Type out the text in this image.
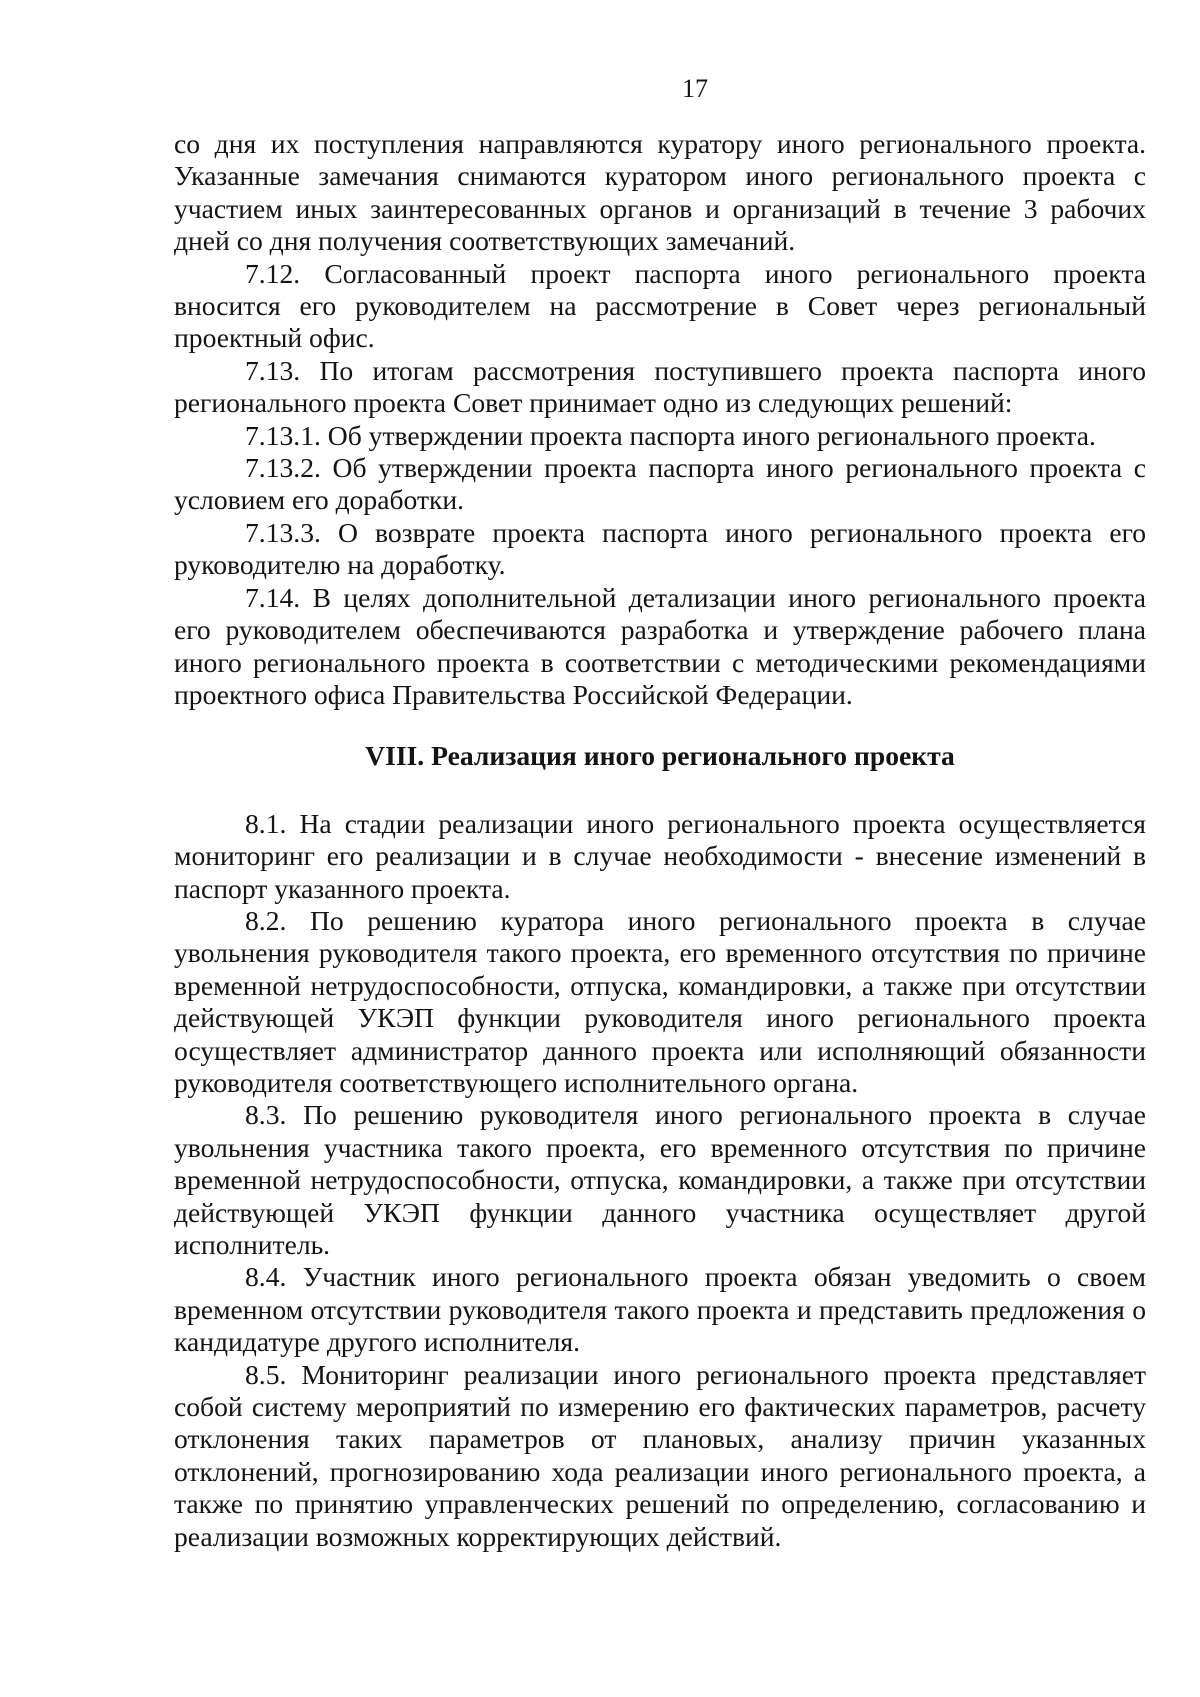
17

со дня их поступления направляются куратору иного регионального проекта. Указанные замечания снимаются куратором иного регионального проекта с участием иных заинтересованных органов и организаций в течение 3 рабочих дней со дня получения соответствующих замечаний.

7.12. Согласованный проект паспорта иного регионального проекта вносится его руководителем на рассмотрение в Совет через региональный проектный офис.

7.13. По итогам рассмотрения поступившего проекта паспорта иного регионального проекта Совет принимает одно из следующих решений:

7.13.1. Об утверждении проекта паспорта иного регионального проекта.

7.13.2. Об утверждении проекта паспорта иного регионального проекта с условием его доработки.

7.13.3. О возврате проекта паспорта иного регионального проекта его руководителю на доработку.

7.14. В целях дополнительной детализации иного регионального проекта его руководителем обеспечиваются разработка и утверждение рабочего плана иного регионального проекта в соответствии с методическими рекомендациями проектного офиса Правительства Российской Федерации.

VIII. Реализация иного регионального проекта

8.1. На стадии реализации иного регионального проекта осуществляется мониторинг его реализации и в случае необходимости - внесение изменений в паспорт указанного проекта.

8.2. По решению куратора иного регионального проекта в случае увольнения руководителя такого проекта, его временного отсутствия по причине временной нетрудоспособности, отпуска, командировки, а также при отсутствии действующей УКЭП функции руководителя иного регионального проекта осуществляет администратор данного проекта или исполняющий обязанности руководителя соответствующего исполнительного органа.

8.3. По решению руководителя иного регионального проекта в случае увольнения участника такого проекта, его временного отсутствия по причине временной нетрудоспособности, отпуска, командировки, а также при отсутствии действующей УКЭП функции данного участника осуществляет другой исполнитель.

8.4. Участник иного регионального проекта обязан уведомить о своем временном отсутствии руководителя такого проекта и представить предложения о кандидатуре другого исполнителя.

8.5. Мониторинг реализации иного регионального проекта представляет собой систему мероприятий по измерению его фактических параметров, расчету отклонения таких параметров от плановых, анализу причин указанных отклонений, прогнозированию хода реализации иного регионального проекта, а также по принятию управленческих решений по определению, согласованию и реализации возможных корректирующих действий.
